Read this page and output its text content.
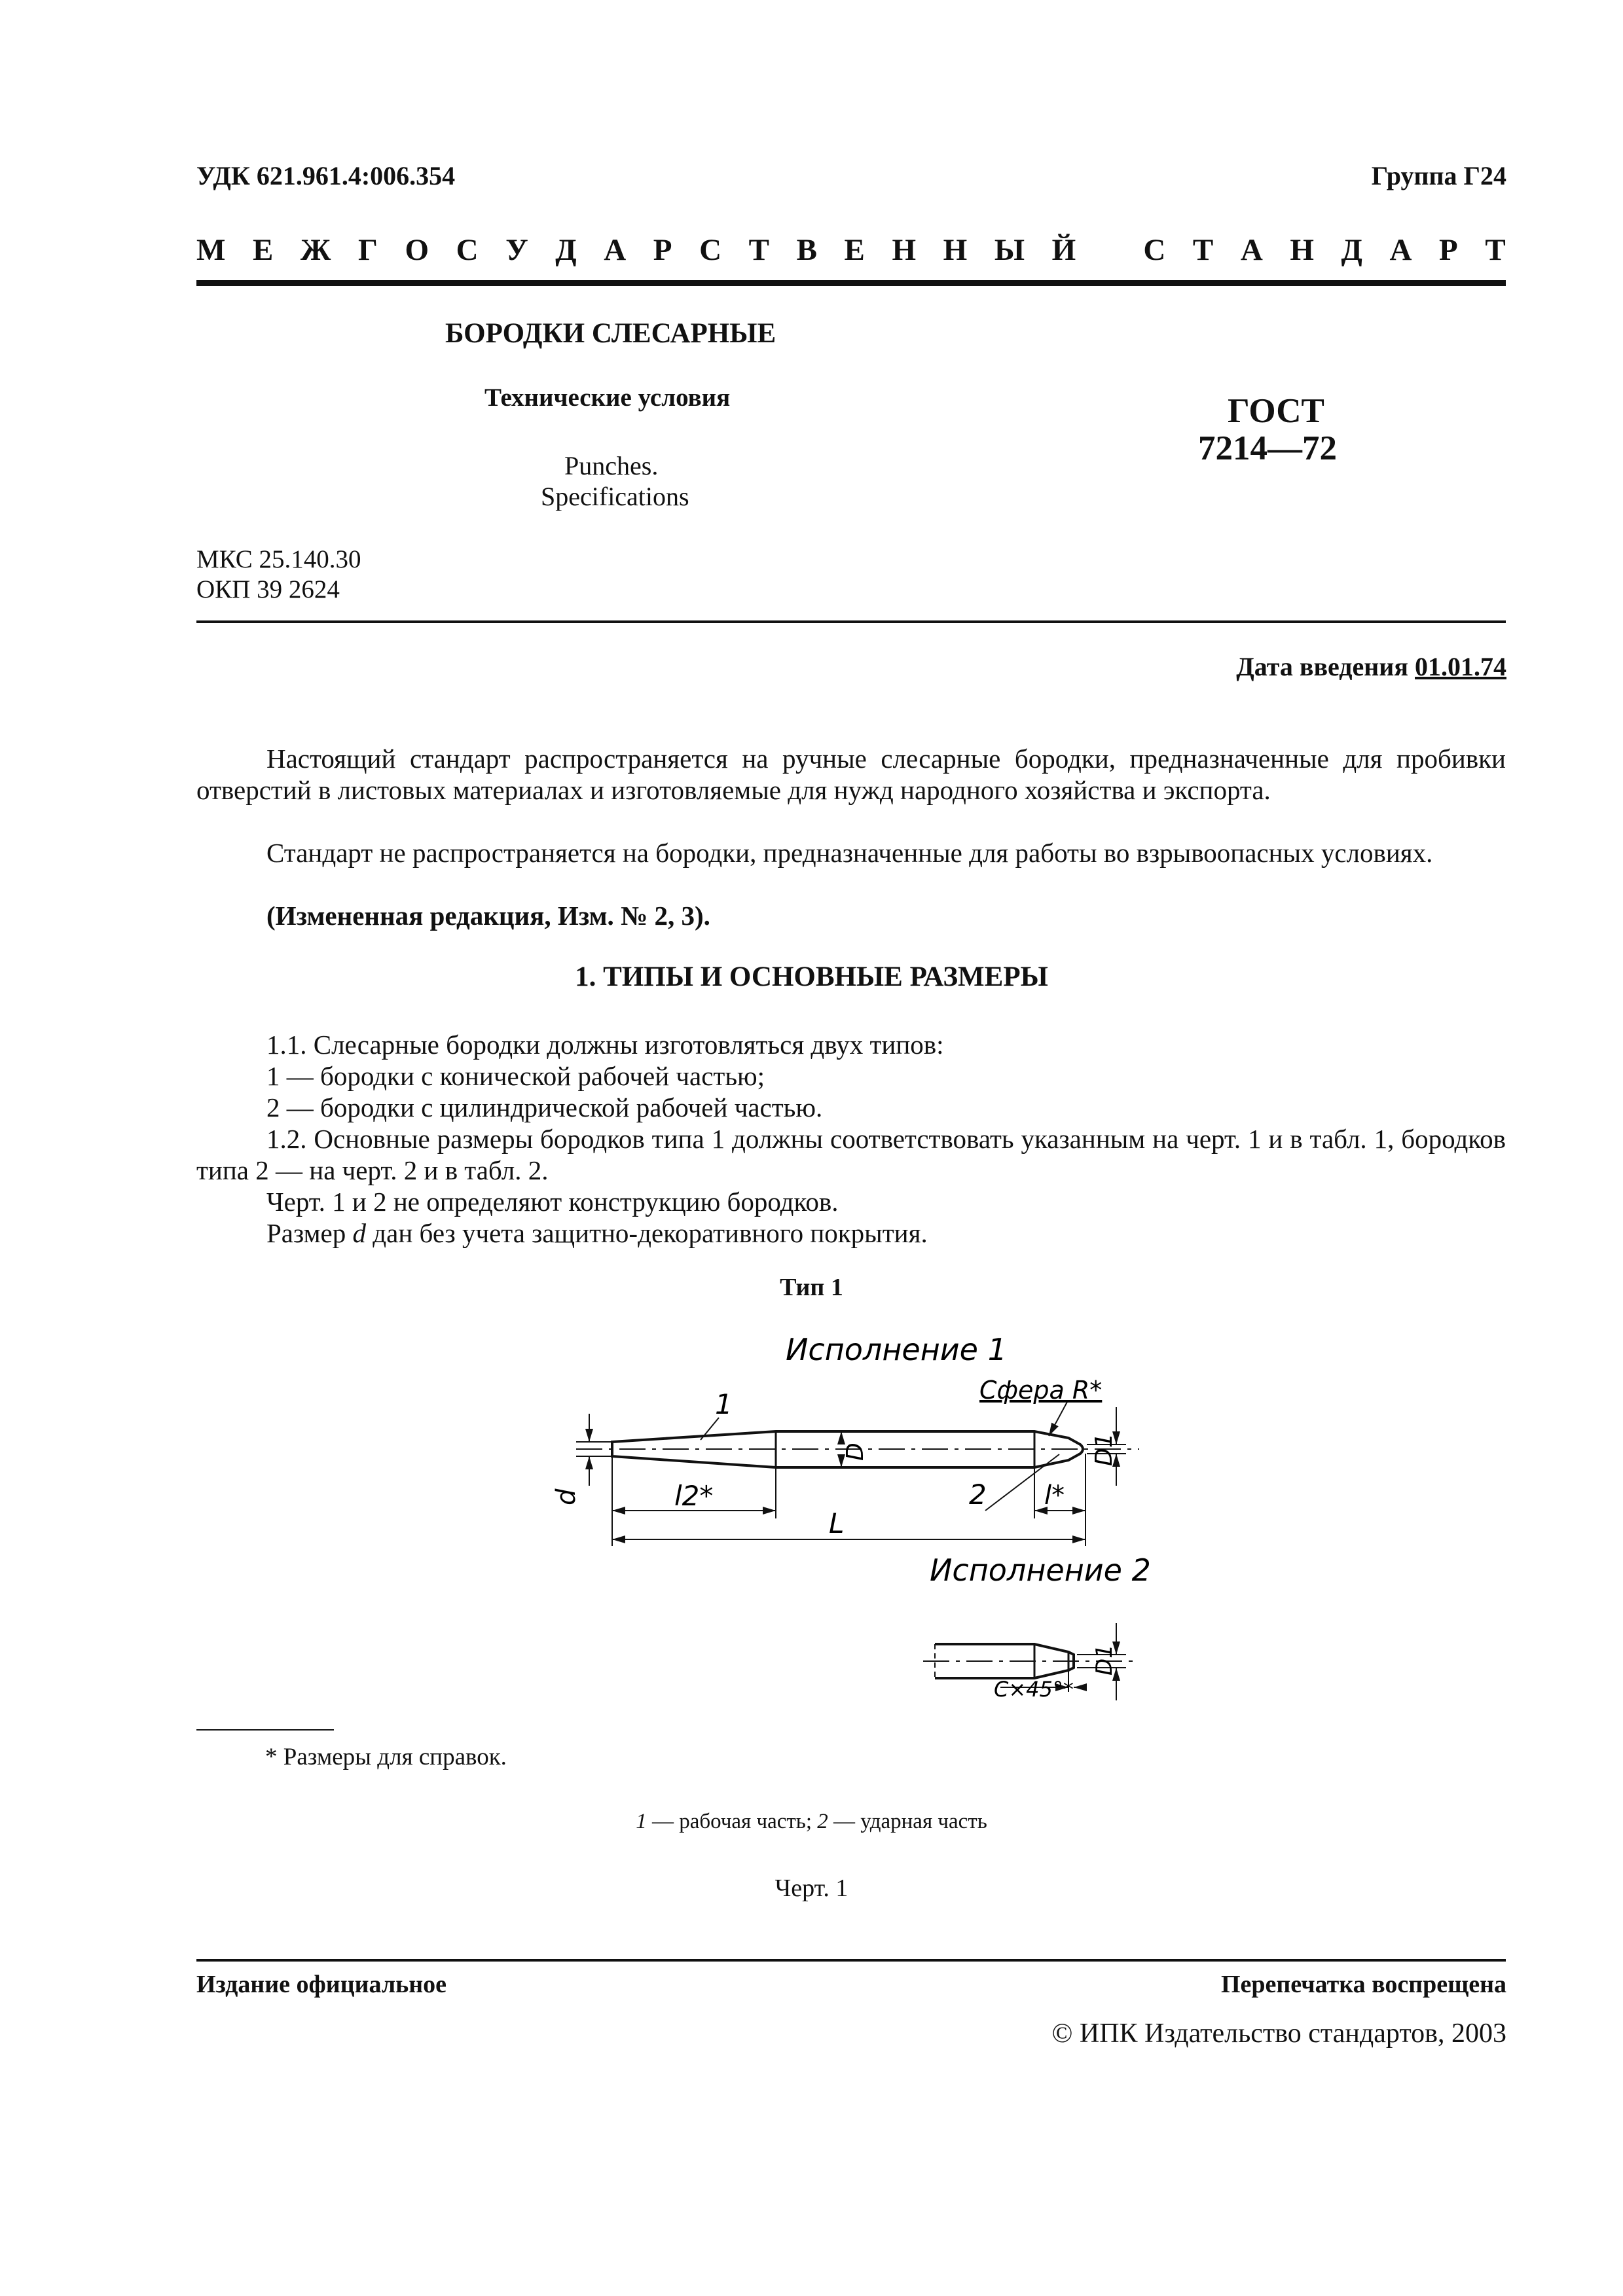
УДК 621.961.4:006.354	Группа Г24
М Е Ж Г О С У Д А Р С Т В Е Н Н Ы Й С Т А Н Д А Р Т
БОРОДКИ СЛЕСАРНЫЕ
Технические условия
Punches.
Specifications
ГОСТ
7214—72
МКС 25.140.30
ОКП 39 2624
Дата введения 01.01.74
Настоящий стандарт распространяется на ручные слесарные бородки, предназначенные для пробивки отверстий в листовых материалах и изготовляемые для нужд народного хозяйства и экспорта.
Стандарт не распространяется на бородки, предназначенные для работы во взрывоопасных условиях.
(Измененная редакция, Изм. № 2, 3).
1. ТИПЫ И ОСНОВНЫЕ РАЗМЕРЫ
1.1. Слесарные бородки должны изготовляться двух типов:
1 — бородки с конической рабочей частью;
2 — бородки с цилиндрической рабочей частью.
1.2. Основные размеры бородков типа 1 должны соответствовать указанным на черт. 1 и в табл. 1, бородков типа 2 — на черт. 2 и в табл. 2.
Черт. 1 и 2 не определяют конструкцию бородков.
Размер d дан без учета защитно-декоративного покрытия.
Тип 1
Исполнение 1
d
D	D1
Сфера R*
1
2
l2*	l*
L
Исполнение 2
D1
C×45°*
* Размеры для справок.
1 — рабочая часть; 2 — ударная часть
Черт. 1
Издание официальное	Перепечатка воспрещена
© ИПК Издательство стандартов, 2003
